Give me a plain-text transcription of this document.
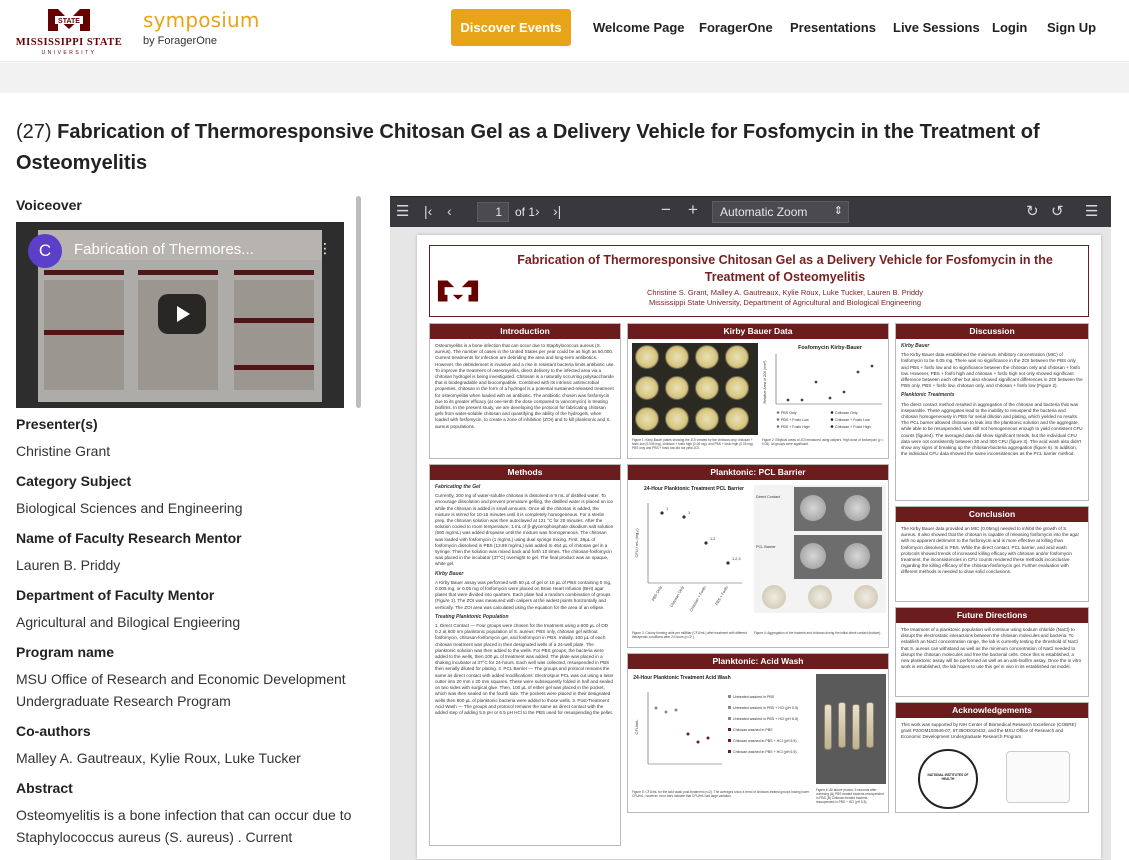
STATE
MISSISSIPPI STATE
UNIVERSITY
symposium
by ForagerOne
Discover Events	Welcome Page ForagerOne Presentations Live Sessions Login Sign Up
(27) Fabrication of Thermoresponsive Chitosan Gel as a Delivery Vehicle for Fosfomycin in the Treatment of Osteomyelitis
Voiceover
C	Fabrication of Thermores...	⋮
Presenter(s)
Christine Grant
Category Subject
Biological Sciences and Engineering
Name of Faculty Research Mentor
Lauren B. Priddy
Department of Faculty Mentor
Agricultural and Bilogical Engieering
Program name
MSU Office of Research and Economic Development Undergraduate Research Program
Co-authors
Malley A. Gautreaux, Kylie Roux, Luke Tucker
Abstract
Osteomyelitis is a bone infection that can occur due to Staphylococcus aureus (S. aureus) . Current
☰ |‹ ‹	1	of 1 › ›|	− +	Automatic Zoom ⇕	↻ ↺ ☰
Fabrication of Thermoresponsive Chitosan Gel as a Delivery Vehicle for Fosfomycin in the Treatment of Osteomyelitis
Christine S. Grant, Malley A. Gautreaux, Kylie Roux, Luke Tucker, Lauren B. Priddy
Mississippi State University, Department of Agricultural and Biological Engineering
Introduction

Osteomyelitis is a bone infection that can occur due to Staphylococcus aureus (S. aureus). The number of cases in the United States per year could be as high as 50,000. Current treatments for infection are debriding the area and long-term antibiotics. However, the debridement is invasive and a rise in resistant bacteria limits antibiotic use. To improve the treatment of osteomyelitis, direct delivery to the infected area via a chitosan hydrogel is being investigated. Chitosan is a naturally occurring polysaccharide that is biodegradable and biocompatible. Combined with its intrinsic antimicrobial properties, chitosan in the form of a hydrogel is a potential sustained-released treatment for osteomyelitis when loaded with an antibiotic. The antibiotic chosen was fosfomycin due to its greater efficacy (at one-tenth the dose compared to vancomycin) in treating biofilms. In the present study, we are developing the protocol for fabricating chitosan gels from water-soluble chitosan and quantifying the ability of the hydrogels, when loaded with fosfomycin, to create a zone of inhibition (ZOI) and to kill planktonic and S. aureus populations.

Methods

Fabricating the Gel

Currently, 200 mg of water-soluble chitosan is dissolved in 9 mL of distilled water. To encourage dissolution and prevent premature gelling, the distilled water is placed on ice while the chitosan is added in small amounts. Once all the chitosan is added, the mixture is stirred for 10-15 minutes until it is completely homogeneous. For a sterile prep, the chitosan solution was then autoclaved at 121 °C for 20 minutes. After the solution cooled to room temperature, 1 mL of β-glycerophosphate disodium salt solution (560 mg/mL) was added dropwise until the mixture was homogeneous. The chitosan was loaded with fosfomycin (1 mg/mL) using dual syringe mixing. First, 36µL of fosfomycin dissolved in PBS (13.89 mg/mL) was added to 464 µL of chitosan gel in a syringe. Then the solution was mixed back and forth 10 times. The chitosan-fosfomycin was placed in the incubator (37°C) overnight to gel. The final product was an opaque, white gel.

Kirby Bauer

A Kirby Bauer assay was performed with 50 µL of gel or 10 µL of PBS containing 0 mg, 0.005 mg, or 0.05 mg of fosfomycin were placed on Brain Heart Infusion (BHI) agar plates that were divided into quarters. Each plate had a random combination of groups (Figure 1). The ZOI was measured with calipers at the widest points horizontally and vertically. The ZOI area was calculated using the equation for the area of an ellipse.

Treating Planktonic Population

1. Direct Contact — Four groups were chosen for the treatment using a 600 µL of OD 0.2 at 600 nm planktonic population of S. aureus: PBS only, chitosan gel without fosfomycin, chitosan-fosfomycin gel, and fosfomycin in PBS. Initially, 100 µL of each chitosan treatment was placed in their designated wells of a 24-well plate. The planktonic solution was then added to the wells. For PBS groups, the bacteria were added to the wells, then 100 µL of treatment was added. The plate was placed in a shaking incubator at 37°C for 24-hours. Each well was collected, resuspended in PBS then serially diluted for plating. 2. PCL Barrier — The groups and protocol remains the same as direct contact with added modifications: Electrospun PCL was cut using a laser cutter into 20 mm x 20 mm squares. These were subsequently folded in half and sealed on two sides with surgical glue. Then, 100 µL of either gel was placed in the pocket, which was then sealed on the fourth side. The pockets were placed in their designated wells then 600 µL of planktonic bacteria were added to those wells. 3. Post-Treatment Acid Wash — The groups and protocol remains the same as direct contact with the added step of adding 5.5 pH or 6.5 pH HCl to the PBS used for resuspending the pellet.

Kirby Bauer Data
Fosfomycin Kirby-Bauer
Relative Area of ZOI (mm²)
PBS Only
PBS + Fosfo Low
PBS + Fosfo High
Chitosan Only
Chitosan + Fosfo Low
Chitosan + Fosfo High
Figure 1: Kirby-Bauer plates showing the ZOI created by the chitosan-only, chitosan + fosfo low (0.005 mg), chitosan + fosfo high (0.05 mg), and PBS + fosfo high (0.05 mg). PBS only and PBS + fosfo low did not yield ZOI.
Figure 2: Elliptical areas of ZOI measured using calipers. High dose of fosfomycin (p < 0.05). All groups were significant.
Planktonic: PCL Barrier
24-Hour Planktonic Treatment PCL Barrier
CFU / mL (log₁₀)
1
1
1,2
1,2,3
PBS Only Chitosan Only Chitosan + Fosfo PBS + Fosfo
Direct Contact
PCL Barrier
Figure 3: Colony forming units per milliliter (CFU/mL) after treatment with different therapeutic conditions after 24 hours (n=3+).
Figure 4: Aggregation of the bacteria and chitosan during the initial direct contact (bottom).
Planktonic: Acid Wash
24-Hour Planktonic Treatment Acid Wash
CFU/mL
Untreated washed in PBS
Untreated washed in PBS + HCl (pH 5.5)
Untreated washed in PBS + HCl (pH 6.5)
Chitosan washed in PBS
Chitosan washed in PBS + HCl (pH 5.5)
Chitosan washed in PBS + HCl (pH 6.5)
Figure 5: CFU/mL for the acid wash post-treatment (n=2). The averages show a trend of chitosan-treated groups having lower CFU/mL; however, error bars indicate that CFU/mL had large variation.
Figure 6: All above photos: 5 seconds after vortexing (A) PBS treated bacteria resuspended in PBS (B) Chitosan treated bacteria resuspended in PBS + HCl (pH 5.5).
Discussion

Kirby Bauer

The Kirby Bauer data established the minimum inhibitory concentration (MIC) of fosfomycin to be 0.05 mg. There was no significance in the ZOI between the PBS only and PBS + fosfo low and no significance between the chitosan only and chitosan + fosfo low. However, PBS + fosfo high and chitosan + fosfo high not only showed significant difference between each other but also showed significant differences in ZOI between the PBS only, PBS + fosfo low, chitosan only, and chitosan + fosfo low (Figure 2).

Planktonic Treatments

The direct contact method resulted in aggregation of the chitosan and bacteria that was inseparable. These aggregates lead to the inability to resuspend the bacteria and chitosan homogeneously in PBS for serial dilution and plating, which yielded no results. The PCL barrier allowed chitosan to leak into the planktonic solution and the aggregate, while able to be resuspended, was still not homogeneous enough to yield consistent CFU counts (figure4). The averaged data did show significant trends, but the individual CFU data were not consistently between 30 and 300 CFU (figure 3). The acid wash also didn't show any signs of breaking up the chitosan-bacteria aggregation (figure 6). In addition, the individual CFU data showed the same inconsistencies as the PCL barrier method.

Conclusion

The Kirby Bauer data provided an MIC (0.05mg) needed to inhibit the growth of S. aureus. It also showed that the chitosan is capable of releasing fosfomycin into the agar with no apparent detriment to the fosfomycin and is more effective at killing than fosfomycin dissolved in PBS. While the direct contact, PCL barrier, and acid wash protocols showed trends of increased killing efficacy with chitosan and/or fosfomycin treatment, the inconsistencies in CFU counts rendered these methods inconclusive regarding the killing efficacy of the chitosan-fosfomycin gel. Further evaluation with different methods is needed to draw solid conclusions.

Future Directions

The treatment of a planktonic population will continue using sodium chloride (NaCl) to disrupt the electrostatic interactions between the chitosan molecules and bacteria. To establish an NaCl concentration range, the lab is currently testing the threshold of NaCl that S. aureus can withstand as well as the minimum concentration of NaCl needed to disrupt the chitosan molecules and free the bacterial cells. Once this is established, a new planktonic assay will be performed as well as an anti-biofilm assay. Once the in vitro work is established, the lab hopes to use this gel in vivo in its established rat model.

Acknowledgements

This work was supported by NIH Center of Biomedical Research Excellence (COBRE) grant P20GM103646-07, 5T35OD010432, and the MSU Office of Research and Economic Development Undergraduate Research Program.

NATIONAL INSTITUTES OF HEALTH
